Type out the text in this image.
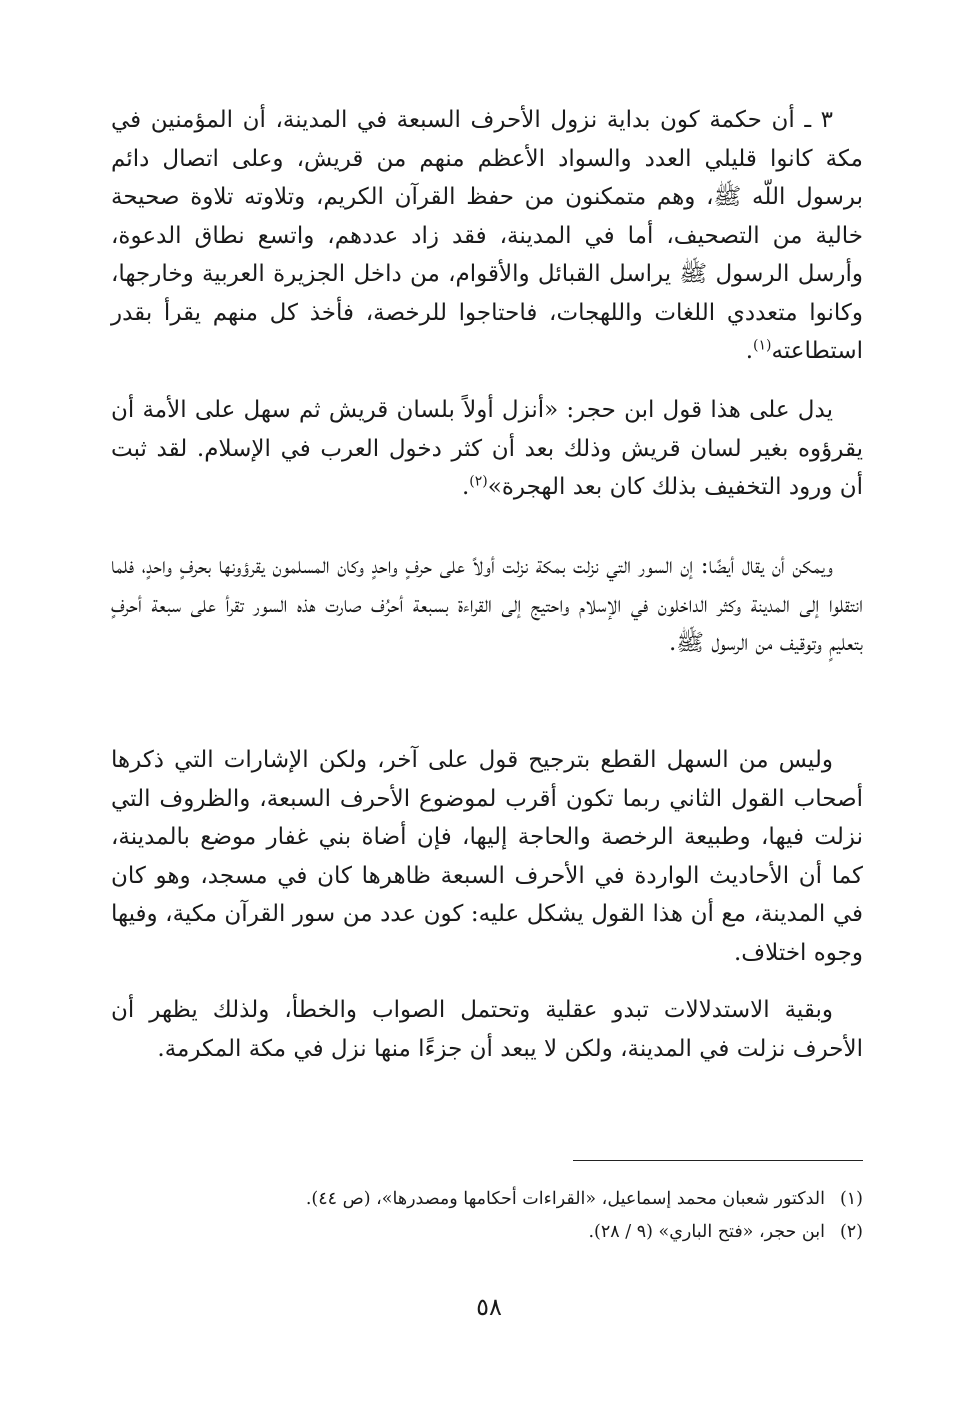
٣ ـ أن حكمة كون بداية نزول الأحرف السبعة في المدينة، أن المؤمنين في مكة كانوا قليلي العدد والسواد الأعظم منهم من قريش، وعلى اتصال دائم برسول اللّه ﷺ، وهم متمكنون من حفظ القرآن الكريم، وتلاوته تلاوة صحيحة خالية من التصحيف، أما في المدينة، فقد زاد عددهم، واتسع نطاق الدعوة، وأرسل الرسول ﷺ يراسل القبائل والأقوام، من داخل الجزيرة العربية وخارجها، وكانوا متعددي اللغات واللهجات، فاحتاجوا للرخصة، فأخذ كل منهم يقرأ بقدر استطاعته$^{(١)}$.

يدل على هذا قول ابن حجر: «أنزل أولاً بلسان قريش ثم سهل على الأمة أن يقرؤوه بغير لسان قريش وذلك بعد أن كثر دخول العرب في الإسلام. لقد ثبت أن ورود التخفيف بذلك كان بعد الهجرة»$^{(٢)}$.

ويمكن أن يقال أيضًا: إن السور التي نزلت بمكة نزلت أولاً على حرفٍ واحدٍ وكان المسلمون يقرؤونها بحرفٍ واحدٍ، فلما انتقلوا إلى المدينة وكثر الداخلون في الإسلام واحتيج إلى القراءة بسبعة أحرُف صارت هذه السور تقرأ على سبعة أحرفٍ بتعليمٍ وتوقيف من الرسول ﷺ.

وليس من السهل القطع بترجيح قول على آخر، ولكن الإشارات التي ذكرها أصحاب القول الثاني ربما تكون أقرب لموضوع الأحرف السبعة، والظروف التي نزلت فيها، وطبيعة الرخصة والحاجة إليها، فإن أضاة بني غفار موضع بالمدينة، كما أن الأحاديث الواردة في الأحرف السبعة ظاهرها كان في مسجد، وهو كان في المدينة، مع أن هذا القول يشكل عليه: كون عدد من سور القرآن مكية، وفيها وجوه اختلاف.

وبقية الاستدلالات تبدو عقلية وتحتمل الصواب والخطأ، ولذلك يظهر أن الأحرف نزلت في المدينة، ولكن لا يبعد أن جزءًا منها نزل في مكة المكرمة.

(١)
الدكتور شعبان محمد إسماعيل، «القراءات أحكامها ومصدرها»، (ص ٤٤).
(٢)
ابن حجر، «فتح الباري» (٩ / ٢٨).
٥٨
